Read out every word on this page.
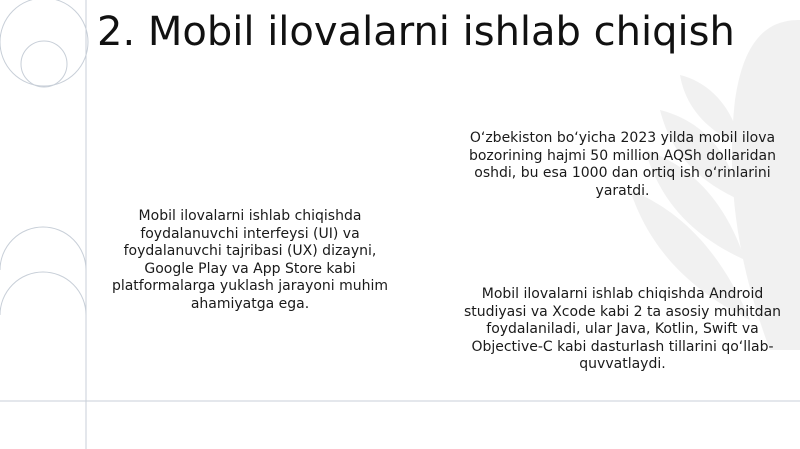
2. Mobil ilovalarni ishlab chiqish

Mobil ilovalarni ishlab chiqishda foydalanuvchi interfeysi (UI) va foydalanuvchi tajribasi (UX) dizayni, Google Play va App Store kabi platformalarga yuklash jarayoni muhim ahamiyatga ega.

O‘zbekiston bo‘yicha 2023 yilda mobil ilova bozorining hajmi 50 million AQSh dollaridan oshdi, bu esa 1000 dan ortiq ish o‘rinlarini yaratdi.

Mobil ilovalarni ishlab chiqishda Android studiyasi va Xcode kabi 2 ta asosiy muhitdan foydalaniladi, ular Java, Kotlin, Swift va Objective-C kabi dasturlash tillarini qo‘llab-quvvatlaydi.
